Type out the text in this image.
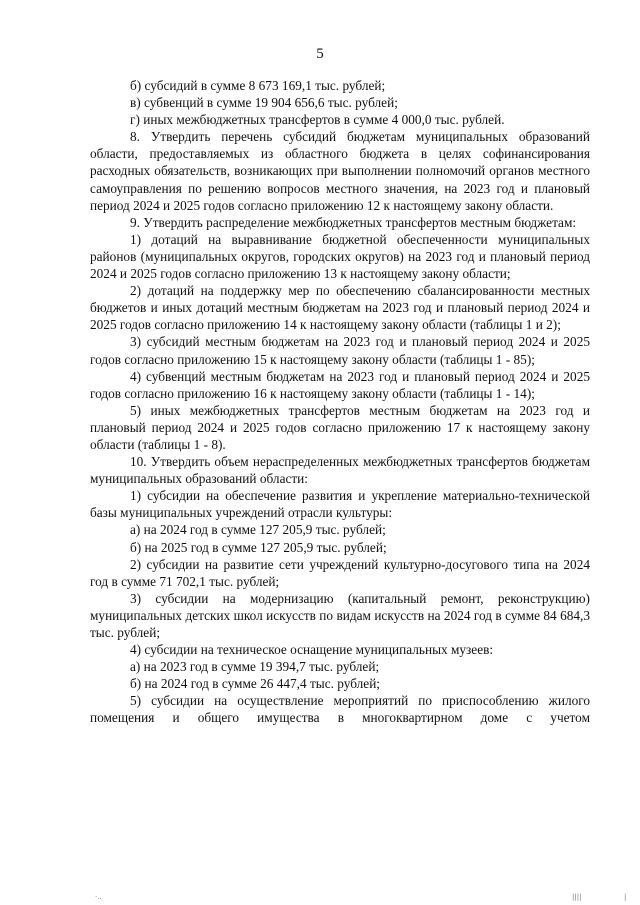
5

б) субсидий в сумме 8 673 169,1 тыс. рублей;

в) субвенций в сумме 19 904 656,6 тыс. рублей;

г) иных межбюджетных трансфертов в сумме 4 000,0 тыс. рублей.

8. Утвердить перечень субсидий бюджетам муниципальных образований области, предоставляемых из областного бюджета в целях софинансирования расходных обязательств, возникающих при выполнении полномочий органов местного самоуправления по решению вопросов местного значения, на 2023 год и плановый период 2024 и 2025 годов согласно приложению 12 к настоящему закону области.

9. Утвердить распределение межбюджетных трансфертов местным бюджетам:

1) дотаций на выравнивание бюджетной обеспеченности муниципальных районов (муниципальных округов, городских округов) на 2023 год и плановый период 2024 и 2025 годов согласно приложению 13 к настоящему закону области;

2) дотаций на поддержку мер по обеспечению сбалансированности местных бюджетов и иных дотаций местным бюджетам на 2023 год и плановый период 2024 и 2025 годов согласно приложению 14 к настоящему закону области (таблицы 1 и 2);

3) субсидий местным бюджетам на 2023 год и плановый период 2024 и 2025 годов согласно приложению 15 к настоящему закону области (таблицы 1 - 85);

4) субвенций местным бюджетам на 2023 год и плановый период 2024 и 2025 годов согласно приложению 16 к настоящему закону области (таблицы 1 - 14);

5) иных межбюджетных трансфертов местным бюджетам на 2023 год и плановый период 2024 и 2025 годов согласно приложению 17 к настоящему закону области (таблицы 1 - 8).

10. Утвердить объем нераспределенных межбюджетных трансфертов бюджетам муниципальных образований области:

1) субсидии на обеспечение развития и укрепление материально-технической базы муниципальных учреждений отрасли культуры:

а) на 2024 год в сумме 127 205,9 тыс. рублей;

б) на 2025 год в сумме 127 205,9 тыс. рублей;

2) субсидии на развитие сети учреждений культурно-досугового типа на 2024 год в сумме 71 702,1 тыс. рублей;

3) субсидии на модернизацию (капитальный ремонт, реконструкцию) муниципальных детских школ искусств по видам искусств на 2024 год в сумме 84 684,3 тыс. рублей;

4) субсидии на техническое оснащение муниципальных музеев:

а) на 2023 год в сумме 19 394,7 тыс. рублей;

б) на 2024 год в сумме 26 447,4 тыс. рублей;

5) субсидии на осуществление мероприятий по приспособлению жилого помещения и общего имущества в многоквартирном доме с учетом

·..	||||	|
